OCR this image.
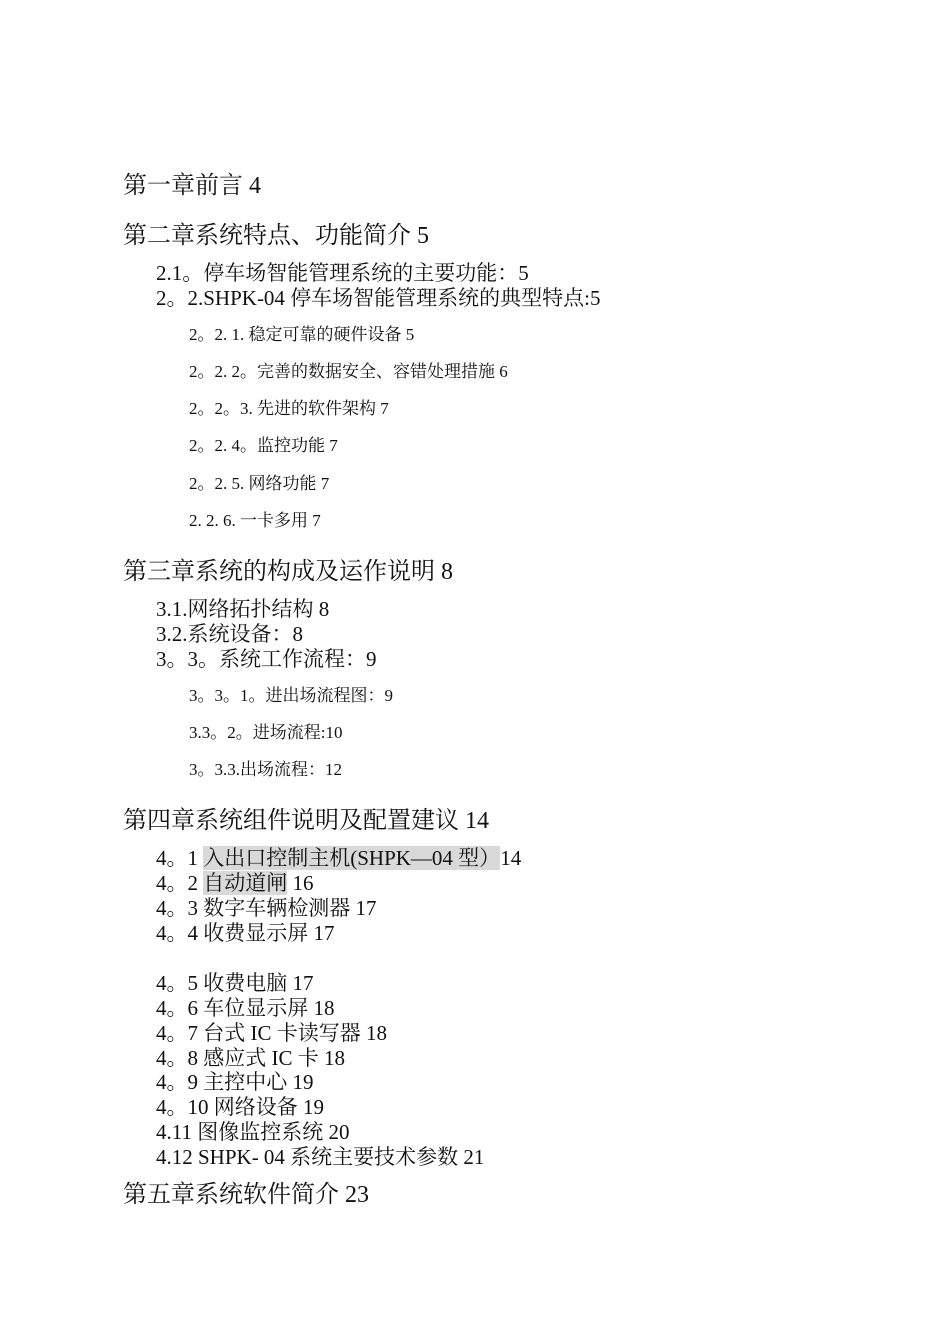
第一章前言 4
第二章系统特点、功能简介 5
2.1。停车场智能管理系统的主要功能：5
2。2.SHPK-04 停车场智能管理系统的典型特点:5
2。2. 1. 稳定可靠的硬件设备 5
2。2. 2。完善的数据安全、容错处理措施 6
2。2。3. 先进的软件架构 7
2。2. 4。监控功能 7
2。2. 5. 网络功能 7
2. 2. 6. 一卡多用 7
第三章系统的构成及运作说明 8
3.1.网络拓扑结构 8
3.2.系统设备：8
3。3。系统工作流程：9
3。3。1。进出场流程图：9
3.3。2。进场流程:10
3。3.3.出场流程：12
第四章系统组件说明及配置建议 14
4。1 入出口控制主机(SHPK—04 型）14
4。2 自动道闸 16
4。3 数字车辆检测器 17
4。4 收费显示屏 17
4。5 收费电脑 17
4。6 车位显示屏 18
4。7 台式 IC 卡读写器 18
4。8 感应式 IC 卡 18
4。9 主控中心 19
4。10 网络设备 19
4.11 图像监控系统 20
4.12 SHPK- 04 系统主要技术参数 21
第五章系统软件简介 23
